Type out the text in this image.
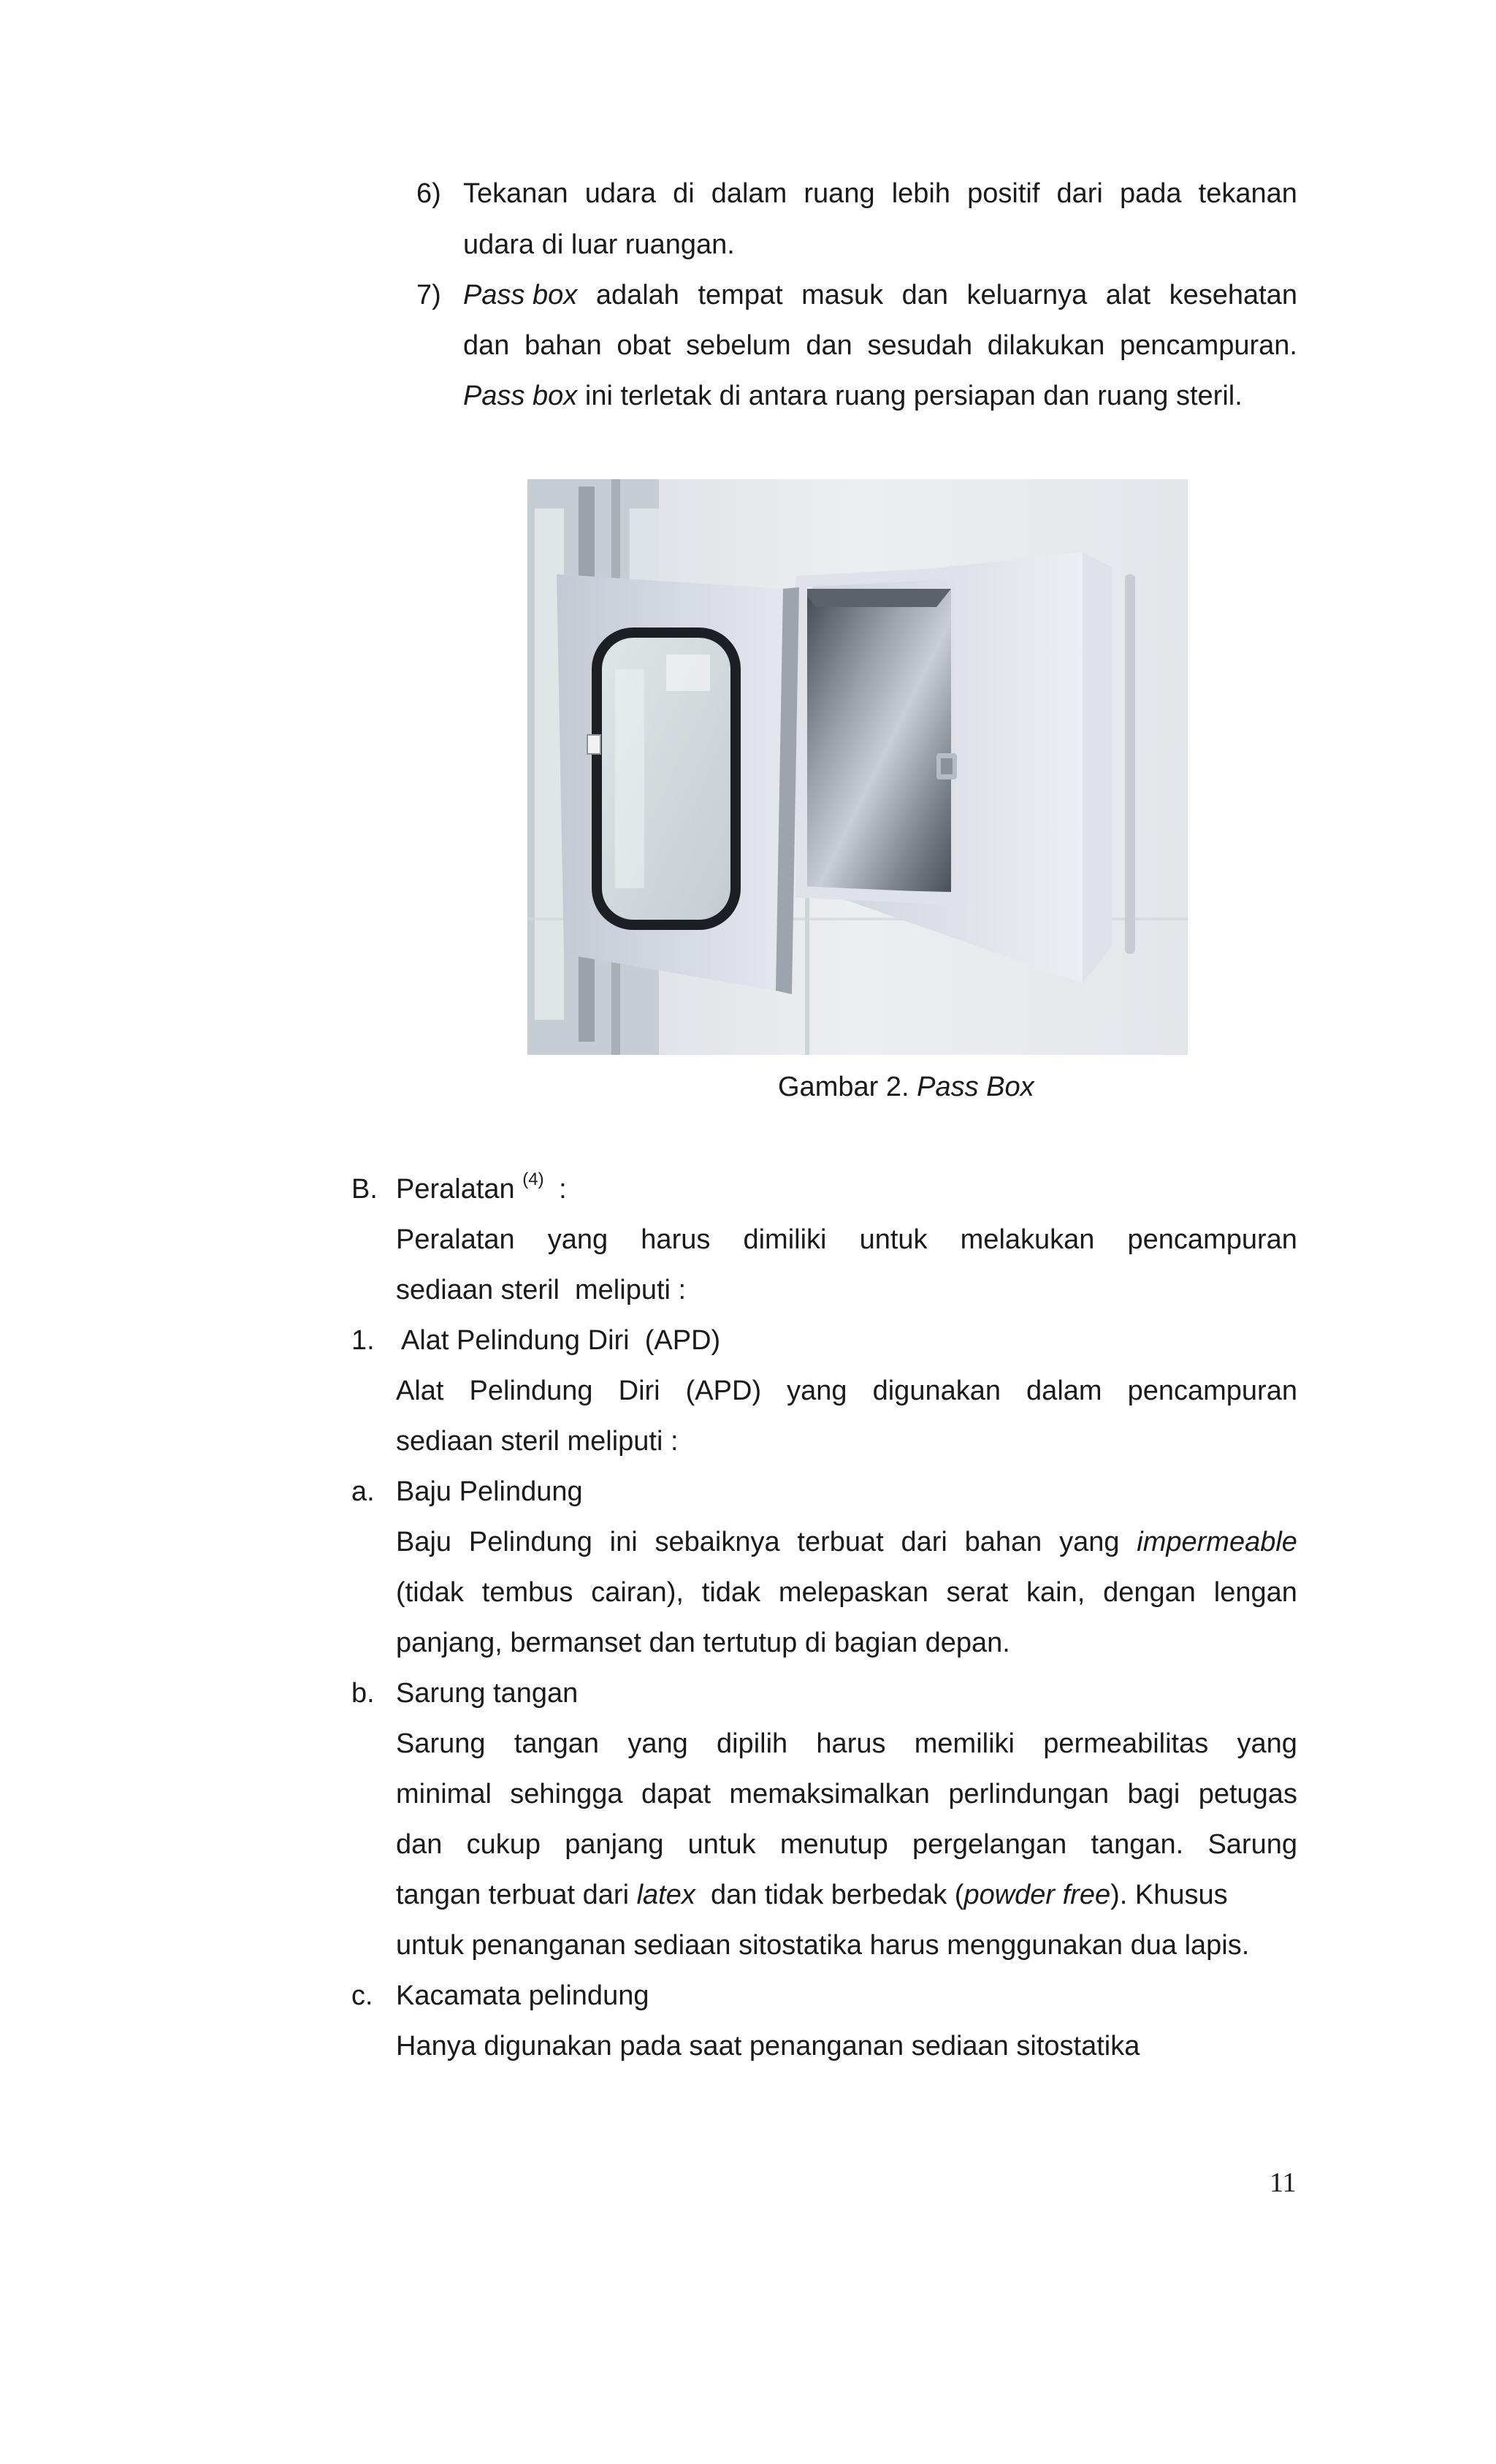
6) Tekanan udara di dalam ruang lebih positif dari pada tekanan
udara di luar ruangan.
7) Pass box adalah tempat masuk dan keluarnya alat kesehatan
dan bahan obat sebelum dan sesudah dilakukan pencampuran.
Pass box ini terletak di antara ruang persiapan dan ruang steril.
Gambar 2. Pass Box
B. Peralatan $^{(4)}$ :
Peralatan yang harus dimiliki untuk melakukan pencampuran
sediaan steril  meliputi :
1. Alat Pelindung Diri  (APD)
Alat Pelindung Diri (APD) yang digunakan dalam pencampuran
sediaan steril meliputi :
a. Baju Pelindung
Baju Pelindung ini sebaiknya terbuat dari bahan yang impermeable
(tidak tembus cairan), tidak melepaskan serat kain, dengan lengan
panjang, bermanset dan tertutup di bagian depan.
b. Sarung tangan
Sarung tangan yang dipilih harus memiliki permeabilitas yang
minimal sehingga dapat memaksimalkan perlindungan bagi petugas
dan cukup panjang untuk menutup pergelangan tangan. Sarung
tangan terbuat dari latex  dan tidak berbedak (powder free). Khusus
untuk penanganan sediaan sitostatika harus menggunakan dua lapis.
c. Kacamata pelindung
Hanya digunakan pada saat penanganan sediaan sitostatika
11
